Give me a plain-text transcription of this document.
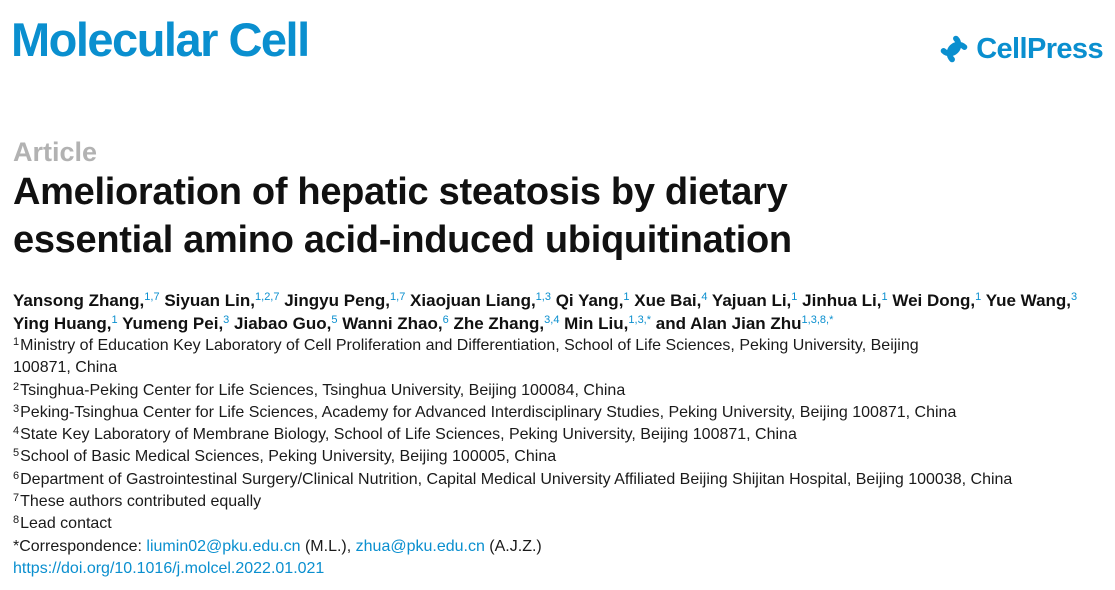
Molecular Cell	CellPress
Article
Amelioration of hepatic steatosis by dietary
essential amino acid-induced ubiquitination
Yansong Zhang,$^{1,7}$ Siyuan Lin,$^{1,2,7}$ Jingyu Peng,$^{1,7}$ Xiaojuan Liang,$^{1,3}$ Qi Yang,$^1$ Xue Bai,$^4$ Yajuan Li,$^1$ Jinhua Li,$^1$ Wei Dong,$^1$ Yue Wang,$^3$ Ying Huang,$^1$ Yumeng Pei,$^3$ Jiabao Guo,$^5$ Wanni Zhao,$^6$ Zhe Zhang,$^{3,4}$ Min Liu,$^{1,3,*}$ and Alan Jian Zhu$^{1,3,8,*}$
$^1$Ministry of Education Key Laboratory of Cell Proliferation and Differentiation, School of Life Sciences, Peking University, Beijing
100871, China
$^2$Tsinghua-Peking Center for Life Sciences, Tsinghua University, Beijing 100084, China
$^3$Peking-Tsinghua Center for Life Sciences, Academy for Advanced Interdisciplinary Studies, Peking University, Beijing 100871, China
$^4$State Key Laboratory of Membrane Biology, School of Life Sciences, Peking University, Beijing 100871, China
$^5$School of Basic Medical Sciences, Peking University, Beijing 100005, China
$^6$Department of Gastrointestinal Surgery/Clinical Nutrition, Capital Medical University Affiliated Beijing Shijitan Hospital, Beijing 100038, China
$^7$These authors contributed equally
$^8$Lead contact
*Correspondence: liumin02@pku.edu.cn (M.L.), zhua@pku.edu.cn (A.J.Z.)
https://doi.org/10.1016/j.molcel.2022.01.021
